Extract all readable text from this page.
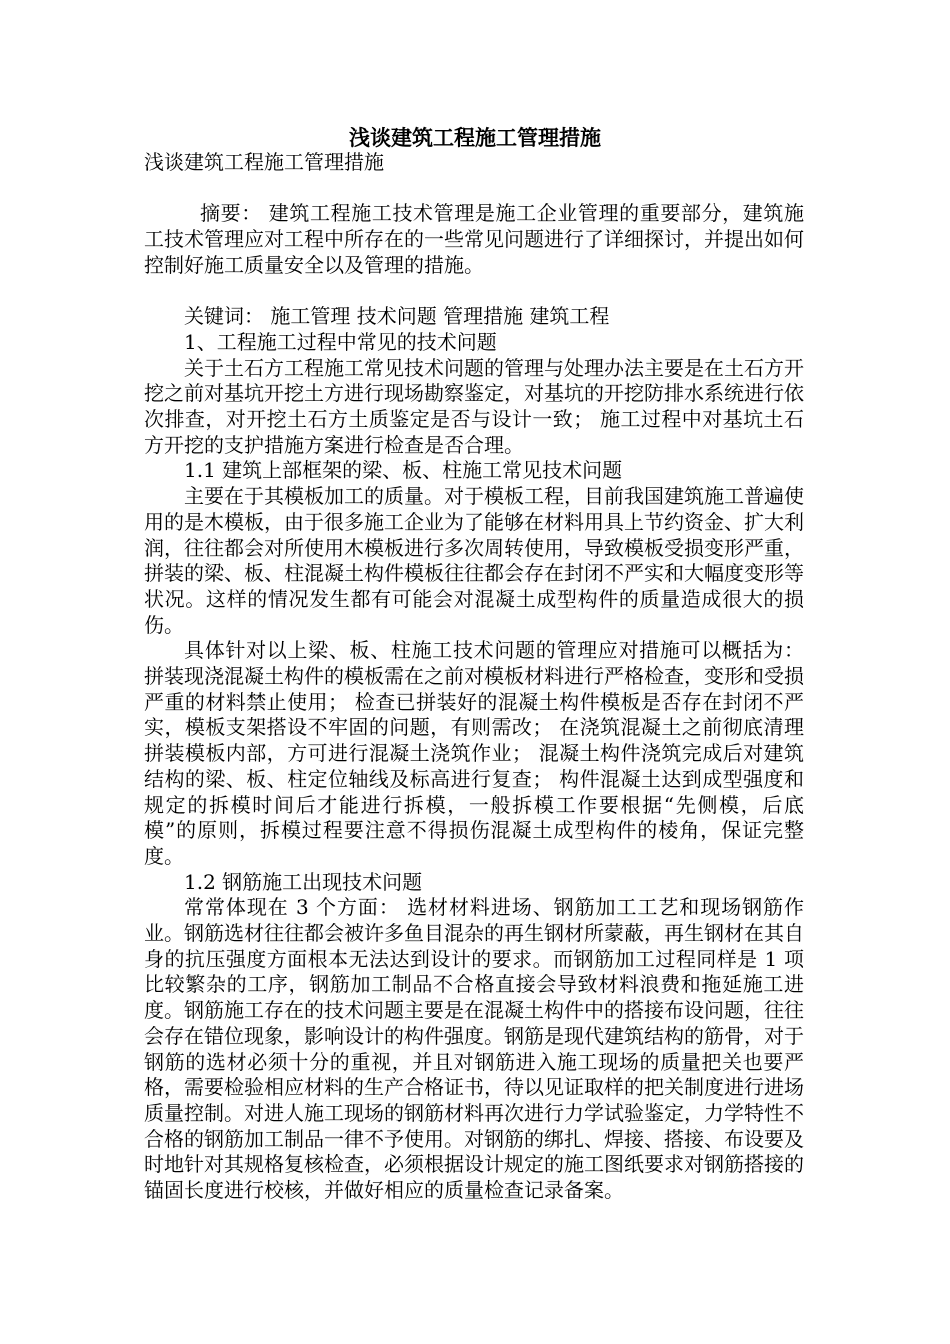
浅谈建筑工程施工管理措施

浅谈建筑工程施工管理措施

摘要： 建筑工程施工技术管理是施工企业管理的重要部分，建筑施工技术管理应对工程中所存在的一些常见问题进行了详细探讨，并提出如何控制好施工质量安全以及管理的措施。

关键词： 施工管理 技术问题 管理措施 建筑工程

1、工程施工过程中常见的技术问题

关于土石方工程施工常见技术问题的管理与处理办法主要是在土石方开挖之前对基坑开挖土方进行现场勘察鉴定，对基坑的开挖防排水系统进行依次排查，对开挖土石方土质鉴定是否与设计一致； 施工过程中对基坑土石方开挖的支护措施方案进行检查是否合理。

1.1 建筑上部框架的梁、板、柱施工常见技术问题

主要在于其模板加工的质量。对于模板工程，目前我国建筑施工普遍使用的是木模板，由于很多施工企业为了能够在材料用具上节约资金、扩大利润，往往都会对所使用木模板进行多次周转使用，导致模板受损变形严重，拼装的梁、板、柱混凝土构件模板往往都会存在封闭不严实和大幅度变形等状况。这样的情况发生都有可能会对混凝土成型构件的质量造成很大的损伤。

具体针对以上梁、板、柱施工技术问题的管理应对措施可以概括为： 拼装现浇混凝土构件的模板需在之前对模板材料进行严格检查，变形和受损严重的材料禁止使用； 检查已拼装好的混凝土构件模板是否存在封闭不严实，模板支架搭设不牢固的问题，有则需改； 在浇筑混凝土之前彻底清理拼装模板内部，方可进行混凝土浇筑作业； 混凝土构件浇筑完成后对建筑结构的梁、板、柱定位轴线及标高进行复查； 构件混凝土达到成型强度和规定的拆模时间后才能进行拆模，一般拆模工作要根据“先侧模，后底模”的原则，拆模过程要注意不得损伤混凝土成型构件的棱角，保证完整度。

1.2 钢筋施工出现技术问题

常常体现在 3 个方面： 选材材料进场、钢筋加工工艺和现场钢筋作业。钢筋选材往往都会被许多鱼目混杂的再生钢材所蒙蔽，再生钢材在其自身的抗压强度方面根本无法达到设计的要求。而钢筋加工过程同样是 1 项比较繁杂的工序，钢筋加工制品不合格直接会导致材料浪费和拖延施工进度。钢筋施工存在的技术问题主要是在混凝土构件中的搭接布设问题，往往会存在错位现象，影响设计的构件强度。钢筋是现代建筑结构的筋骨，对于钢筋的选材必须十分的重视，并且对钢筋进入施工现场的质量把关也要严格，需要检验相应材料的生产合格证书，待以见证取样的把关制度进行进场质量控制。对进人施工现场的钢筋材料再次进行力学试验鉴定，力学特性不合格的钢筋加工制品一律不予使用。对钢筋的绑扎、焊接、搭接、布设要及时地针对其规格复核检查，必须根据设计规定的施工图纸要求对钢筋搭接的锚固长度进行校核，并做好相应的质量检查记录备案。
